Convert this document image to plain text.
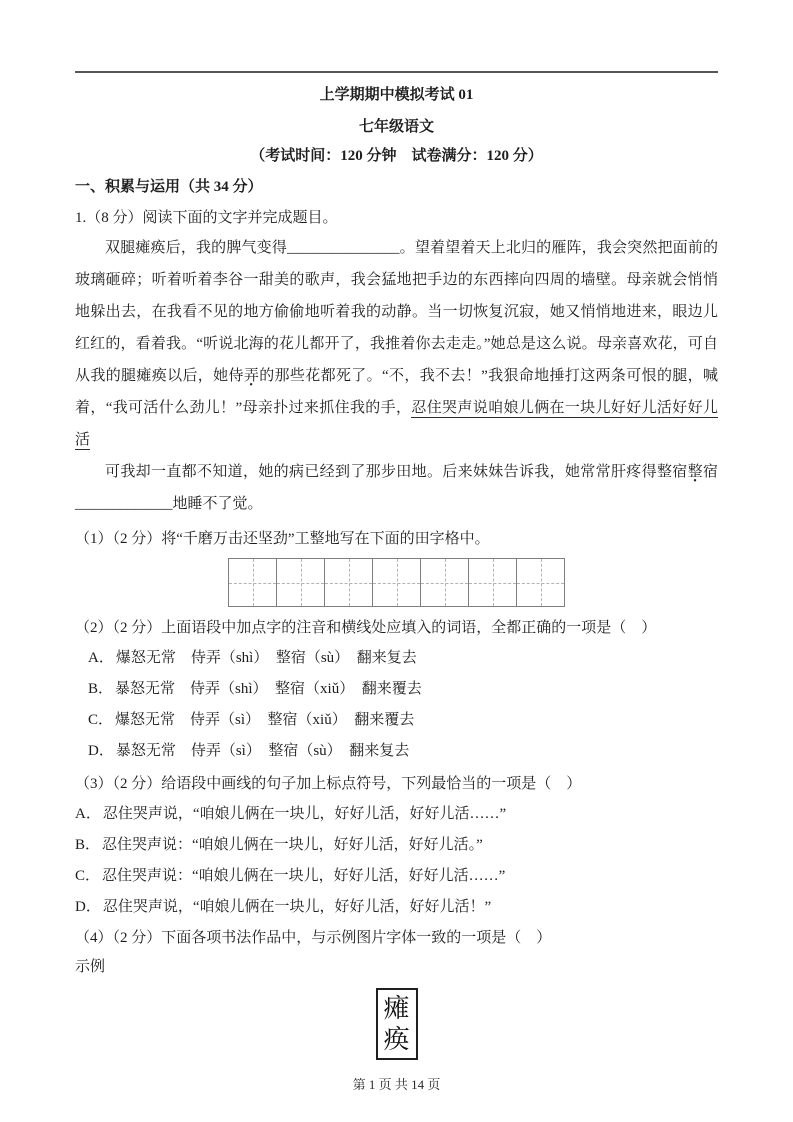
上学期期中模拟考试 01
七年级语文
（考试时间：120 分钟　试卷满分：120 分）
一、积累与运用（共 34 分）
1.（8 分）阅读下面的文字并完成题目。

双腿瘫痪后，我的脾气变得_______________。望着望着天上北归的雁阵，我会突然把面前的玻璃砸碎；听着听着李谷一甜美的歌声，我会猛地把手边的东西摔向四周的墙壁。母亲就会悄悄地躲出去，在我看不见的地方偷偷地听着我的动静。当一切恢复沉寂，她又悄悄地进来，眼边儿红红的，看着我。“听说北海的花儿都开了，我推着你去走走。”她总是这么说。母亲喜欢花，可自从我的腿瘫痪以后，她侍弄的那些花都死了。“不，我不去！”我狠命地捶打这两条可恨的腿，喊着，“我可活什么劲儿！”母亲扑过来抓住我的手，忍住哭声说咱娘儿俩在一块儿好好儿活好好儿活

可我却一直都不知道，她的病已经到了那步田地。后来妹妹告诉我，她常常肝疼得整宿整宿_____________地睡不了觉。

（1）（2 分）将“千磨万击还坚劲”工整地写在下面的田字格中。
（2）（2 分）上面语段中加点字的注音和横线处应填入的词语，全都正确的一项是（　）
A． 爆怒无常　侍弄（shì）　整宿（sù）　翻来复去
B． 暴怒无常　侍弄（shì）　整宿（xiǔ）　翻来覆去
C． 爆怒无常　侍弄（sì）　整宿（xiǔ）　翻来覆去
D． 暴怒无常　侍弄（sì）　整宿（sù）　翻来复去
（3）（2 分）给语段中画线的句子加上标点符号，下列最恰当的一项是（　）
A． 忍住哭声说，“咱娘儿俩在一块儿，好好儿活，好好儿活……”
B． 忍住哭声说：“咱娘儿俩在一块儿，好好儿活，好好儿活。”
C． 忍住哭声说：“咱娘儿俩在一块儿，好好儿活，好好儿活……”
D． 忍住哭声说，“咱娘儿俩在一块儿，好好儿活，好好儿活！”
（4）（2 分）下面各项书法作品中，与示例图片字体一致的一项是（　）
示例
瘫
痪
第 1 页 共 14 页
